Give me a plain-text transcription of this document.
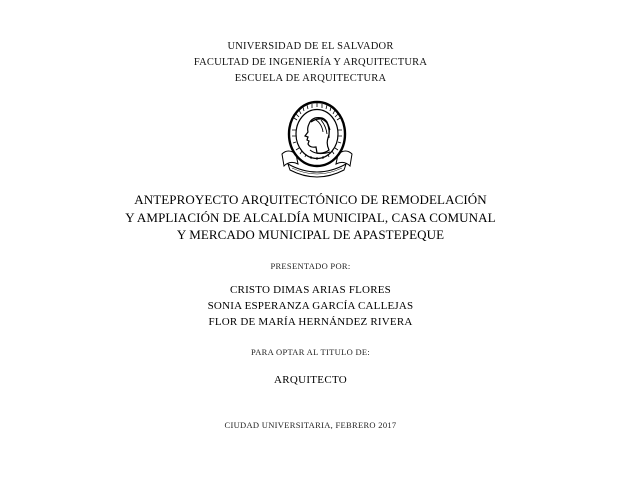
UNIVERSIDAD DE EL SALVADOR
FACULTAD DE INGENIERÍA Y ARQUITECTURA
ESCUELA DE ARQUITECTURA
ANTEPROYECTO ARQUITECTÓNICO DE REMODELACIÓN
Y AMPLIACIÓN DE ALCALDÍA MUNICIPAL, CASA COMUNAL
Y MERCADO MUNICIPAL DE APASTEPEQUE
PRESENTADO POR:
CRISTO DIMAS ARIAS FLORES
SONIA ESPERANZA GARCÍA CALLEJAS
FLOR DE MARÍA HERNÁNDEZ RIVERA
PARA OPTAR AL TITULO DE:
ARQUITECTO
CIUDAD UNIVERSITARIA, FEBRERO 2017
